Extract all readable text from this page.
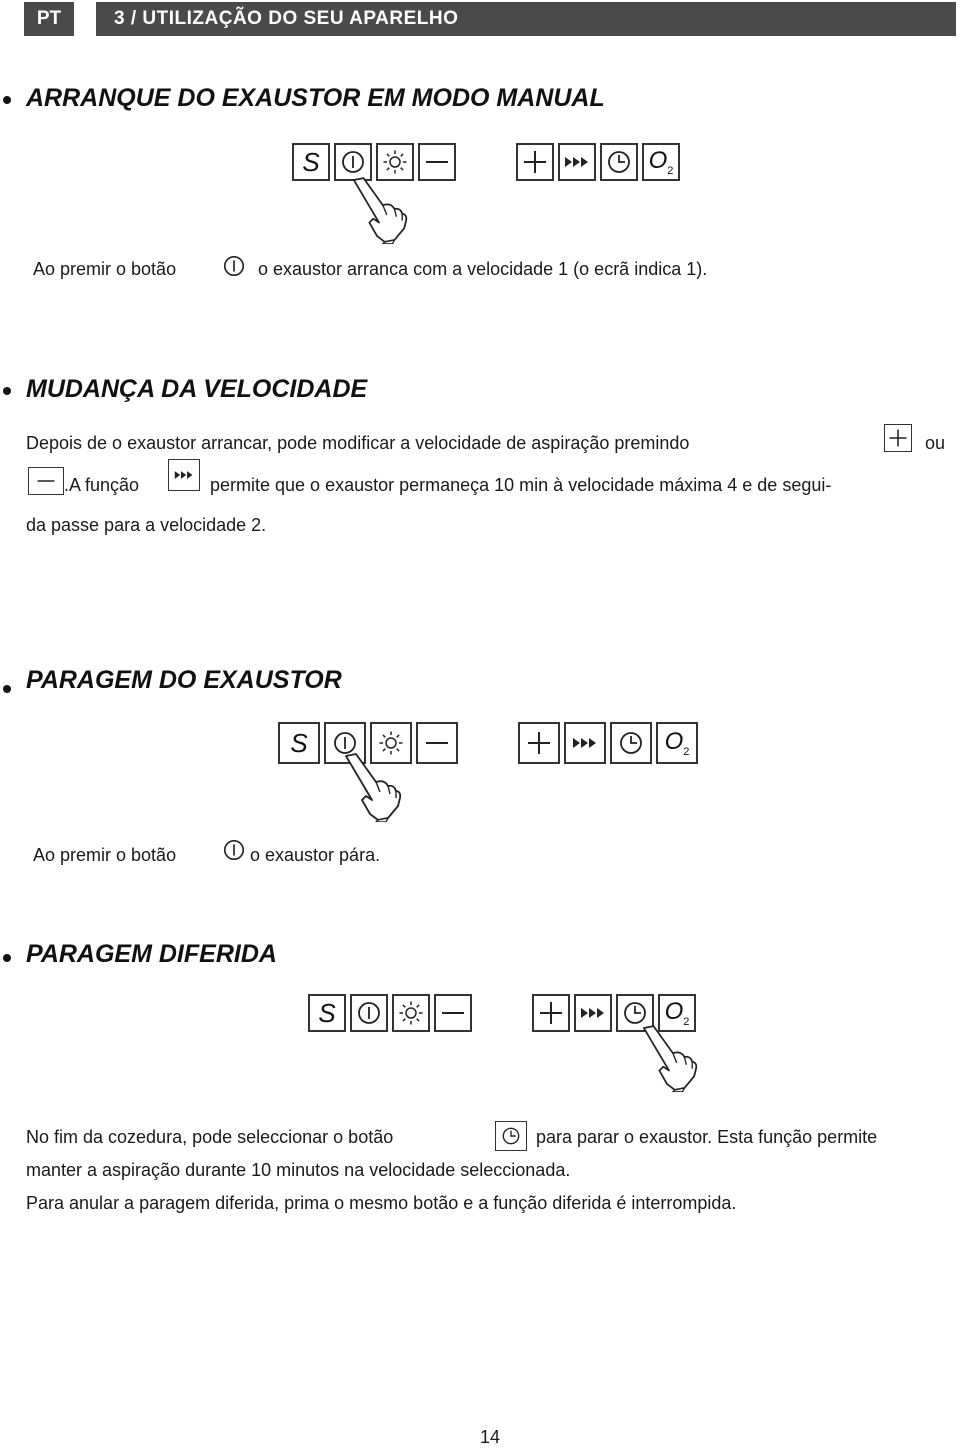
PT	3 / UTILIZAÇÃO DO SEU APARELHO
ARRANQUE DO EXAUSTOR EM MODO MANUAL
S	$O_2$
Ao premir o botão	o exaustor arranca com a velocidade 1 (o ecrã indica 1).
MUDANÇA DA VELOCIDADE
Depois de o exaustor arrancar, pode modificar a velocidade de aspiração premindo	ou
.A função	permite que o exaustor permaneça 10 min à velocidade máxima 4 e de segui-
da passe para a velocidade 2.
PARAGEM DO EXAUSTOR
S	$O_2$
Ao premir o botão	o exaustor pára.
PARAGEM DIFERIDA
S	$O_2$
No fim da cozedura, pode seleccionar o botão	para parar o exaustor. Esta função permite
manter a aspiração durante 10 minutos na velocidade seleccionada.
Para anular a paragem diferida, prima o mesmo botão e a função diferida é interrompida.
14
